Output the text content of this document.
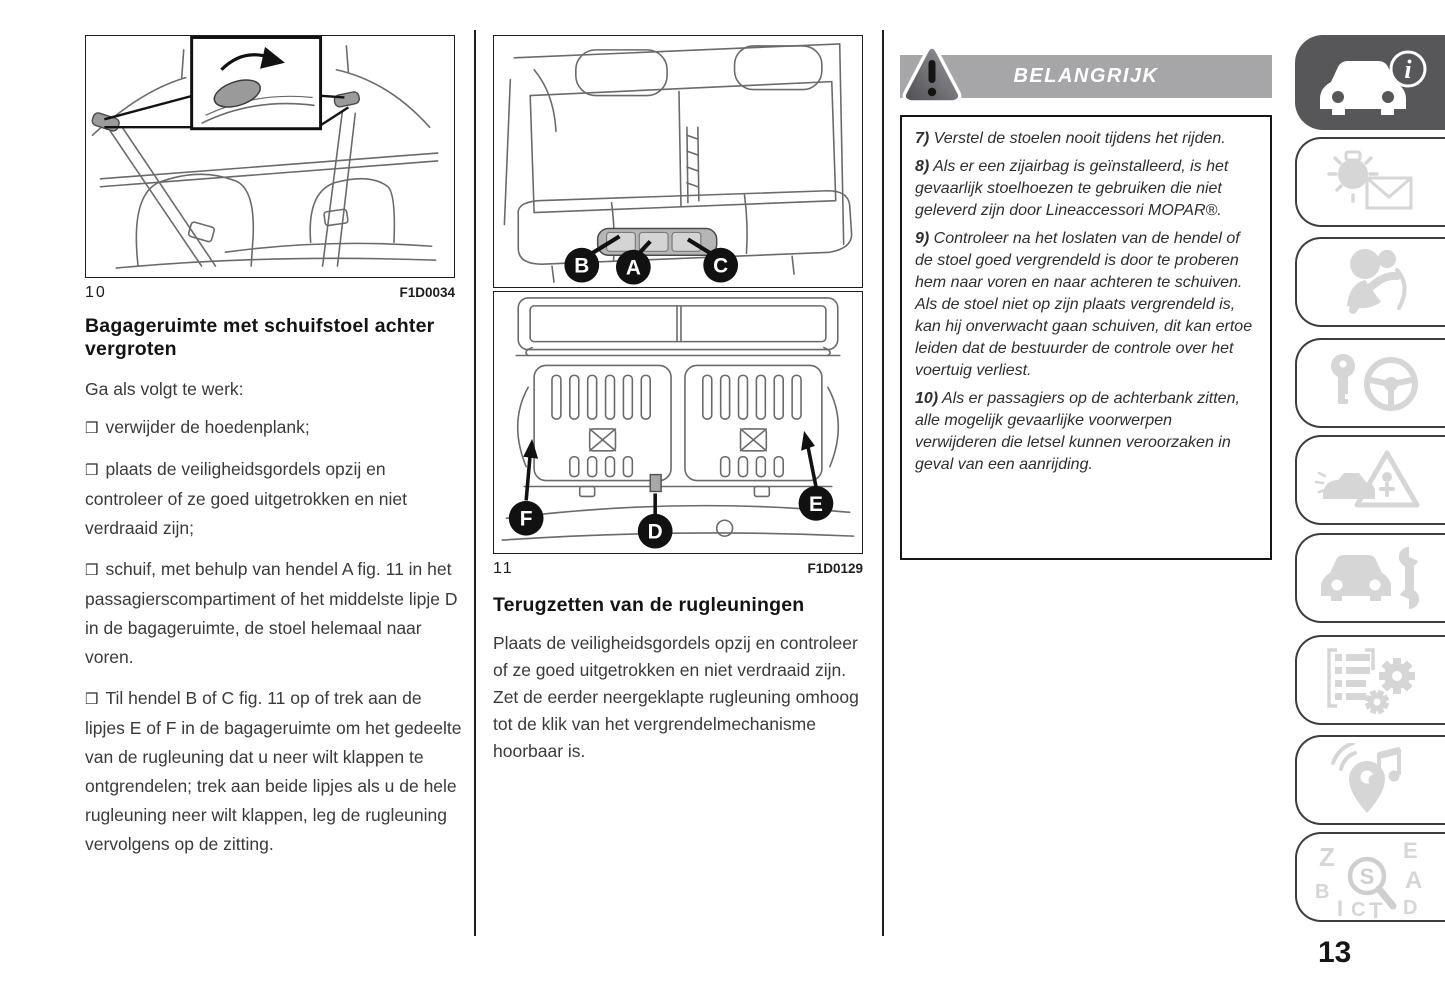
10	F1D0034
Bagageruimte met schuifstoel achter vergroten

Ga als volgt te werk:

❒ verwijder de hoedenplank;
❒ plaats de veiligheidsgordels opzij en controleer of ze goed uitgetrokken en niet verdraaid zijn;
❒ schuif, met behulp van hendel A fig. 11 in het passagierscompartiment of het middelste lipje D in de bagageruimte, de stoel helemaal naar voren.
❒ Til hendel B of C fig. 11 op of trek aan de lipjes E of F in de bagageruimte om het gedeelte van de rugleuning dat u neer wilt klappen te ontgrendelen; trek aan beide lipjes als u de hele rugleuning neer wilt klappen, leg de rugleuning vervolgens op de zitting.
B A	C
F
D
E
11	F1D0129
Terugzetten van de rugleuningen

Plaats de veiligheidsgordels opzij en controleer of ze goed uitgetrokken en niet verdraaid zijn. Zet de eerder neergeklapte rugleuning omhoog tot de klik van het vergrendelmechanisme hoorbaar is.

BELANGRIJK

7) Verstel de stoelen nooit tijdens het rijden.

8) Als er een zijairbag is geïnstalleerd, is het gevaarlijk stoelhoezen te gebruiken die niet geleverd zijn door Lineaccessori MOPAR®.

9) Controleer na het loslaten van de hendel of de stoel goed vergrendeld is door te proberen hem naar voren en naar achteren te schuiven. Als de stoel niet op zijn plaats vergrendeld is, kan hij onverwacht gaan schuiven, dit kan ertoe leiden dat de bestuurder de controle over het voertuig verliest.

10) Als er passagiers op de achterbank zitten, alle mogelijk gevaarlijke voorwerpen verwijderen die letsel kunnen veroorzaken in geval van een aanrijding.

i
Z	E
B	A
I C T D
S
13
